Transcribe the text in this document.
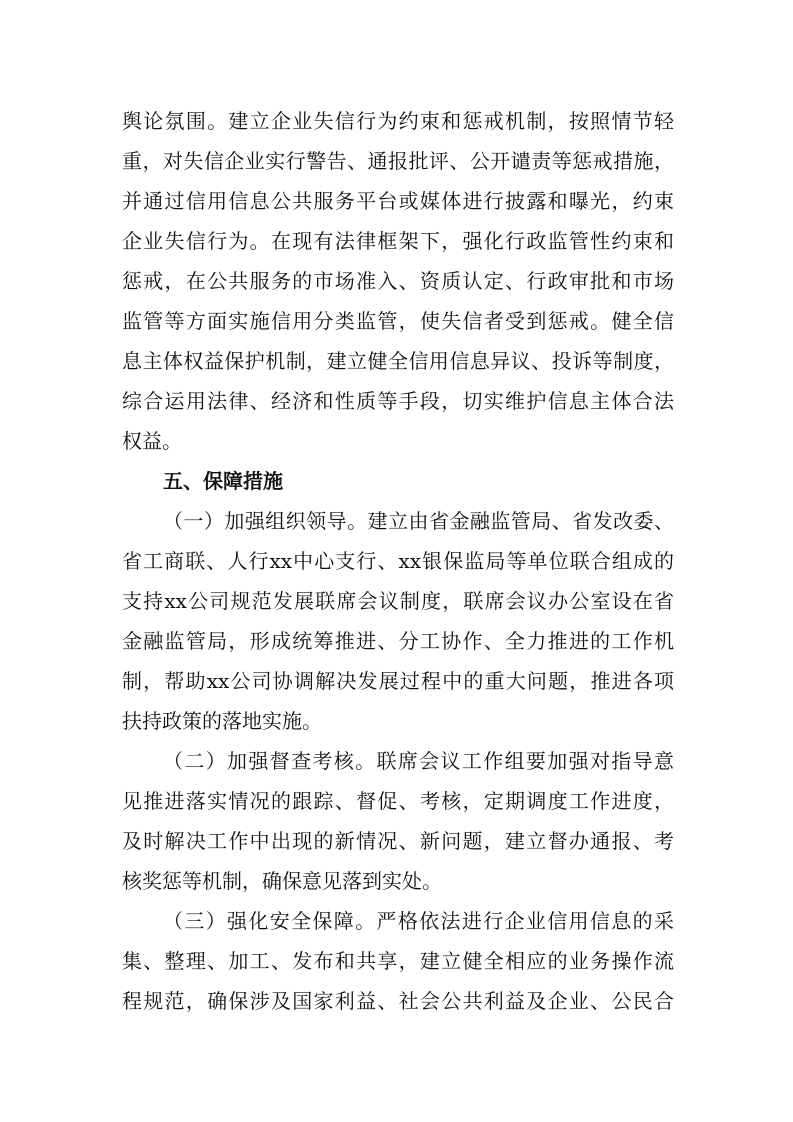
舆论氛围。建立企业失信行为约束和惩戒机制，按照情节轻
重，对失信企业实行警告、通报批评、公开谴责等惩戒措施，
并通过信用信息公共服务平台或媒体进行披露和曝光，约束
企业失信行为。在现有法律框架下，强化行政监管性约束和
惩戒，在公共服务的市场准入、资质认定、行政审批和市场
监管等方面实施信用分类监管，使失信者受到惩戒。健全信
息主体权益保护机制，建立健全信用信息异议、投诉等制度，
综合运用法律、经济和性质等手段，切实维护信息主体合法
权益。
五、保障措施
（一）加强组织领导。建立由省金融监管局、省发改委、
省工商联、人行xx中心支行、xx银保监局等单位联合组成的
支持xx公司规范发展联席会议制度，联席会议办公室设在省
金融监管局，形成统筹推进、分工协作、全力推进的工作机
制，帮助xx公司协调解决发展过程中的重大问题，推进各项
扶持政策的落地实施。
（二）加强督查考核。联席会议工作组要加强对指导意
见推进落实情况的跟踪、督促、考核，定期调度工作进度，
及时解决工作中出现的新情况、新问题，建立督办通报、考
核奖惩等机制，确保意见落到实处。
（三）强化安全保障。严格依法进行企业信用信息的采
集、整理、加工、发布和共享，建立健全相应的业务操作流
程规范，确保涉及国家利益、社会公共利益及企业、公民合
